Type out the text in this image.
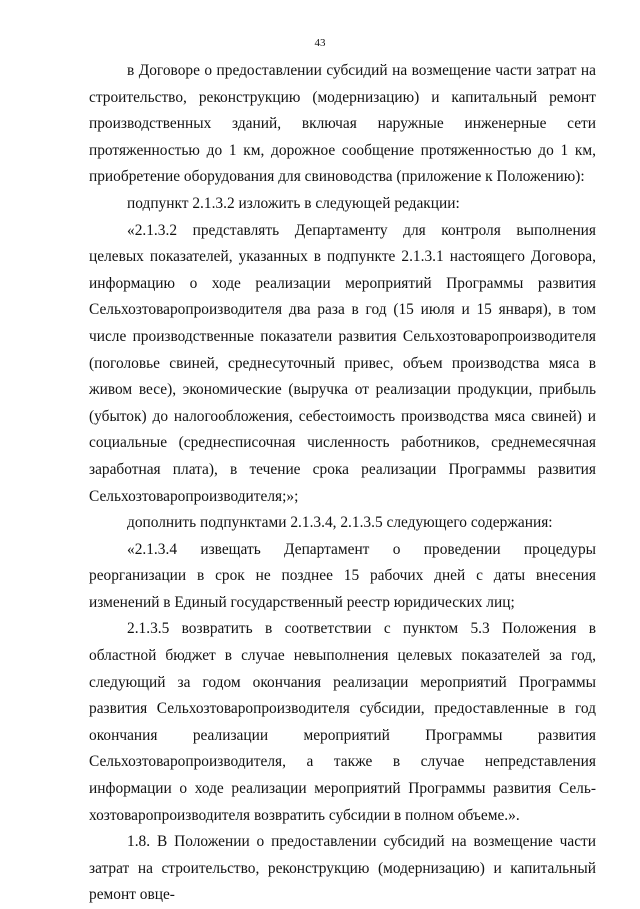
43

в Договоре о предоставлении субсидий на возмещение части затрат на строительство, реконструкцию (модернизацию) и капитальный ремонт производственных зданий, включая наружные инженерные сети протяженностью до 1 км, дорожное сообщение протяженностью до 1 км, приобретение оборудования для свиноводства (приложение к Положению):

подпункт 2.1.3.2 изложить в следующей редакции:

«2.1.3.2 представлять Департаменту для контроля выполнения целевых показателей, указанных в подпункте 2.1.3.1 настоящего Договора, информацию о ходе реализации мероприятий Программы развития Сельхозтоваропроизводителя два раза в год (15 июля и 15 января), в том числе производственные показатели развития Сельхозтоваропроизводителя (поголовье свиней, среднесуточный привес, объем производства мяса в живом весе), экономические (выручка от реализации продукции, прибыль (убыток) до налогообложения, себестоимость производства мяса свиней) и социальные (среднесписочная численность работников, среднемесячная заработная плата), в течение срока реализации Программы развития Сельхозтоваропроизводителя;»;

дополнить подпунктами 2.1.3.4, 2.1.3.5 следующего содержания:

«2.1.3.4 извещать Департамент о проведении процедуры реорганизации в срок не позднее 15 рабочих дней с даты внесения изменений в Единый государственный реестр юридических лиц;

2.1.3.5 возвратить в соответствии с пунктом 5.3 Положения в областной бюджет в случае невыполнения целевых показателей за год, следующий за годом окончания реализации мероприятий Программы развития Сельхозтоваропроизводителя субсидии, предоставленные в год окончания реализации мероприятий Программы развития Сельхозтоваропроизводителя, а также в случае непредставления информации о ходе реализации мероприятий Программы развития Сельхозтоваропроизводителя возвратить субсидии в полном объеме.».

1.8. В Положении о предоставлении субсидий на возмещение части затрат на строительство, реконструкцию (модернизацию) и капитальный ремонт овце-
